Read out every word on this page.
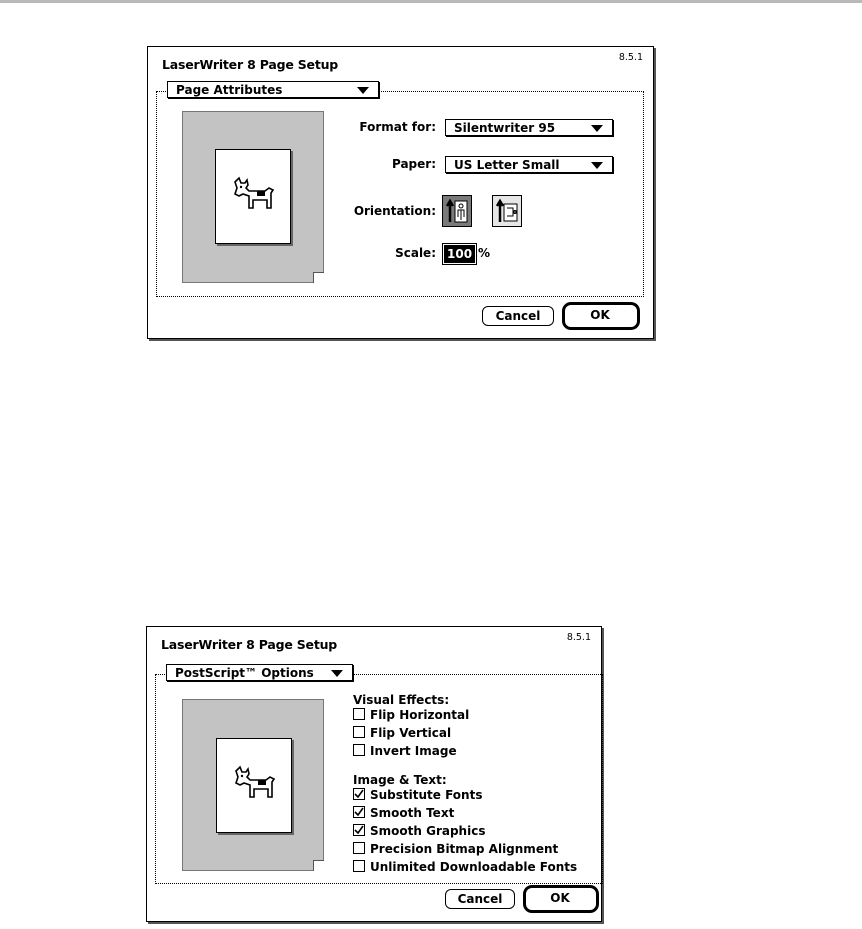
LaserWriter 8 Page Setup	8.5.1
Page Attributes
Format for:	Silentwriter 95
Paper:	US Letter Small
Orientation:
Scale: 100 %
Cancel	OK
LaserWriter 8 Page Setup	8.5.1
PostScript™ Options
Visual Effects:
Image & Text:
Cancel	OK
Flip Horizontal
Flip Vertical
Invert Image
Substitute Fonts
Smooth Text
Smooth Graphics
Precision Bitmap Alignment
Unlimited Downloadable Fonts
